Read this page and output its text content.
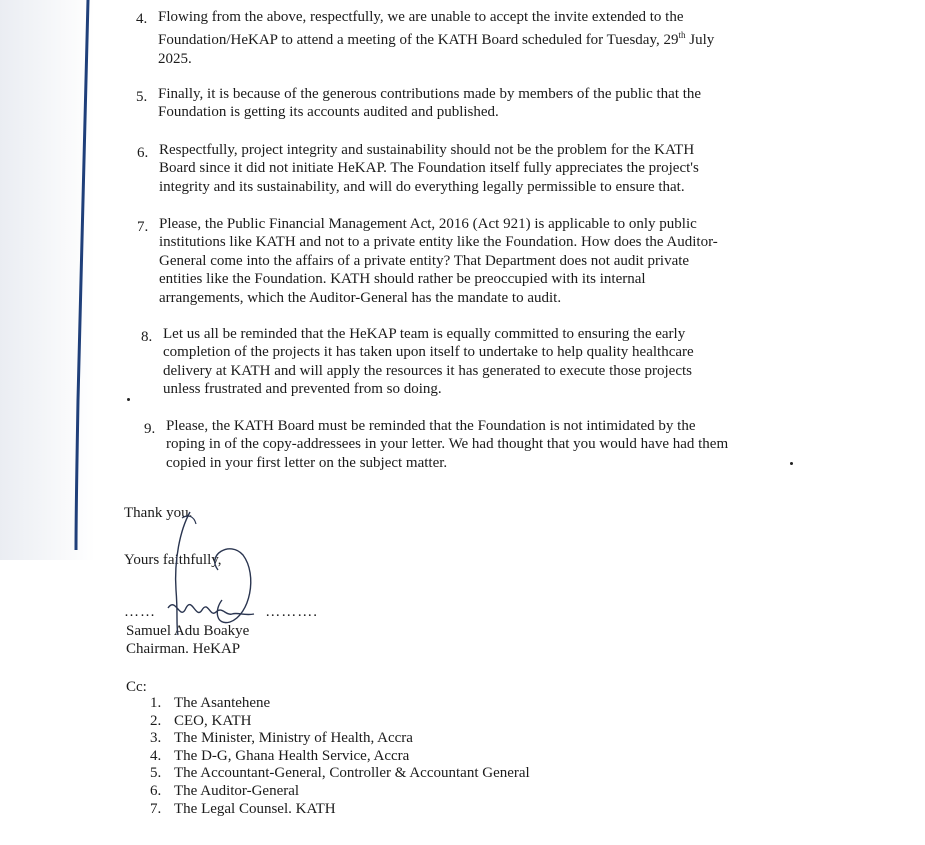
4. Flowing from the above, respectfully, we are unable to accept the invite extended to the Foundation/HeKAP to attend a meeting of the KATH Board scheduled for Tuesday, 29th July 2025.
5. Finally, it is because of the generous contributions made by members of the public that the Foundation is getting its accounts audited and published.
6. Respectfully, project integrity and sustainability should not be the problem for the KATH Board since it did not initiate HeKAP. The Foundation itself fully appreciates the project's integrity and its sustainability, and will do everything legally permissible to ensure that.
7. Please, the Public Financial Management Act, 2016 (Act 921) is applicable to only public institutions like KATH and not to a private entity like the Foundation. How does the Auditor-General come into the affairs of a private entity? That Department does not audit private entities like the Foundation. KATH should rather be preoccupied with its internal arrangements, which the Auditor-General has the mandate to audit.
8. Let us all be reminded that the HeKAP team is equally committed to ensuring the early completion of the projects it has taken upon itself to undertake to help quality healthcare delivery at KATH and will apply the resources it has generated to execute those projects unless frustrated and prevented from so doing.
9. Please, the KATH Board must be reminded that the Foundation is not intimidated by the roping in of the copy-addressees in your letter. We had thought that you would have had them copied in your first letter on the subject matter.
Thank you.
Yours faithfully,
……                       ……….
Samuel Adu Boakye
Chairman. HeKAP
Cc:
1. The Asantehene
2. CEO, KATH
3. The Minister, Ministry of Health, Accra
4. The D-G, Ghana Health Service, Accra
5. The Accountant-General, Controller & Accountant General
6. The Auditor-General
7. The Legal Counsel. KATH
